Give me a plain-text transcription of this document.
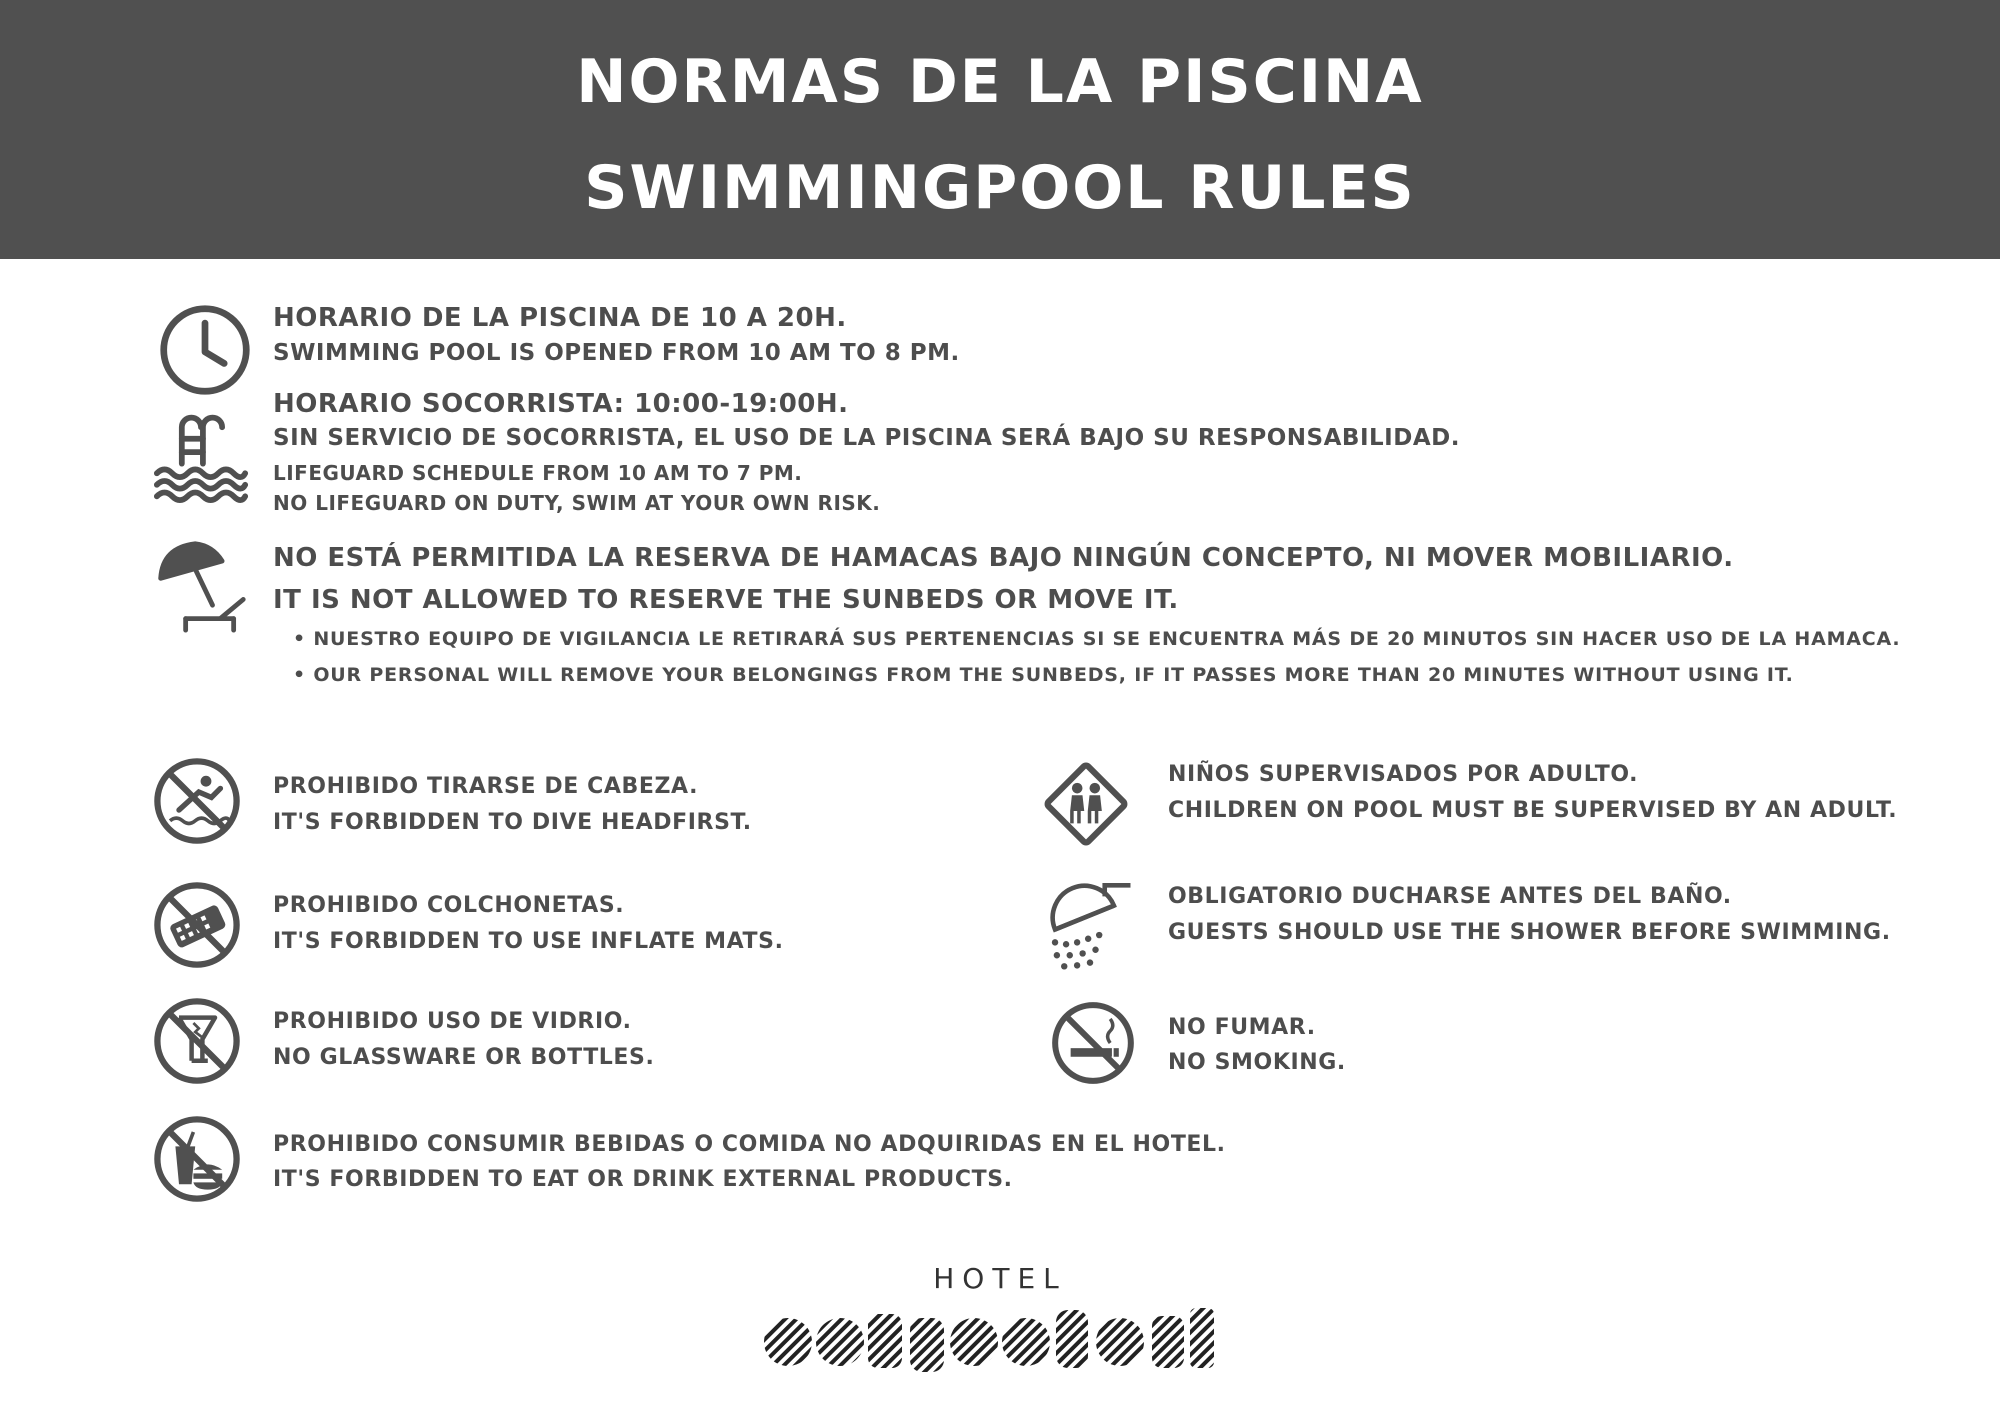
NORMAS DE LA PISCINA
SWIMMINGPOOL RULES
HORARIO DE LA PISCINA DE 10 A 20H.
SWIMMING POOL IS OPENED FROM 10 AM TO 8 PM.
HORARIO SOCORRISTA: 10:00-19:00H.
SIN SERVICIO DE SOCORRISTA, EL USO DE LA PISCINA SERÁ BAJO SU RESPONSABILIDAD.
LIFEGUARD SCHEDULE FROM 10 AM TO 7 PM.
NO LIFEGUARD ON DUTY, SWIM AT YOUR OWN RISK.
NO ESTÁ PERMITIDA LA RESERVA DE HAMACAS BAJO NINGÚN CONCEPTO, NI MOVER MOBILIARIO.
IT IS NOT ALLOWED TO RESERVE THE SUNBEDS OR MOVE IT.
• NUESTRO EQUIPO DE VIGILANCIA LE RETIRARÁ SUS PERTENENCIAS SI SE ENCUENTRA MÁS DE 20 MINUTOS SIN HACER USO DE LA HAMACA.
• OUR PERSONAL WILL REMOVE YOUR BELONGINGS FROM THE SUNBEDS, IF IT PASSES MORE THAN 20 MINUTES WITHOUT USING IT.
PROHIBIDO TIRARSE DE CABEZA.
IT'S FORBIDDEN TO DIVE HEADFIRST.
PROHIBIDO COLCHONETAS.
IT'S FORBIDDEN TO USE INFLATE MATS.
PROHIBIDO USO DE VIDRIO.
NO GLASSWARE OR BOTTLES.
PROHIBIDO CONSUMIR BEBIDAS O COMIDA NO ADQUIRIDAS EN EL HOTEL.
IT'S FORBIDDEN TO EAT OR DRINK EXTERNAL PRODUCTS.
NIÑOS SUPERVISADOS POR ADULTO.
CHILDREN ON POOL MUST BE SUPERVISED BY AN ADULT.
OBLIGATORIO DUCHARSE ANTES DEL BAÑO.
GUESTS SHOULD USE THE SHOWER BEFORE SWIMMING.
NO FUMAR.
NO SMOKING.
HOTEL
capnegret
